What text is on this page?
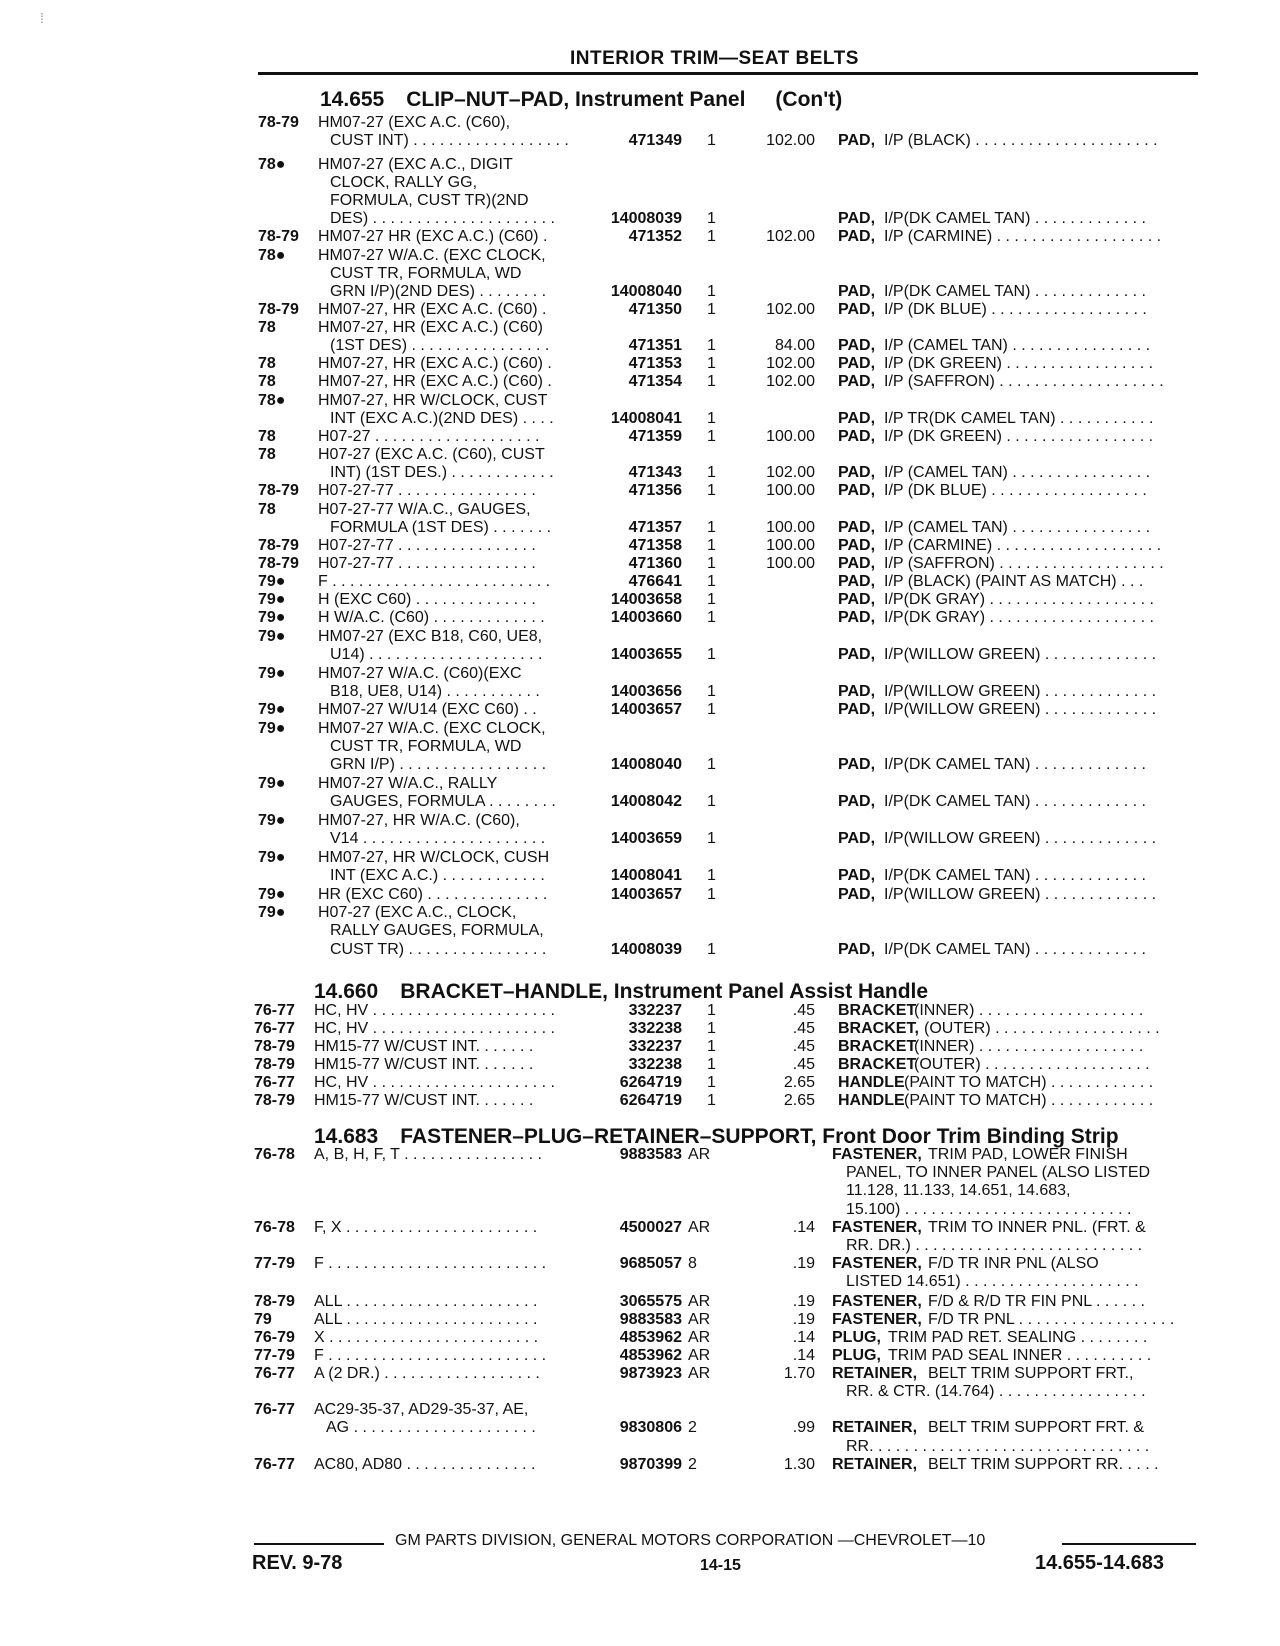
INTERIOR TRIM—SEAT BELTS
14.655 CLIP–NUT–PAD, Instrument Panel (Con't)
14.660 BRACKET–HANDLE, Instrument Panel Assist Handle
14.683 FASTENER–PLUG–RETAINER–SUPPORT, Front Door Trim Binding Strip
78-79	HM07-27 (EXC A.C. (C60),
CUST INT) . . . . . . . . . . . . . . . . . .	471349 1	102.00 PAD, I/P (BLACK) . . . . . . . . . . . . . . . . . . . . .
78●	HM07-27 (EXC A.C., DIGIT
CLOCK, RALLY GG,
FORMULA, CUST TR)(2ND
DES) . . . . . . . . . . . . . . . . . . . . .	14008039 1	PAD, I/P(DK CAMEL TAN) . . . . . . . . . . . . .
78-79	HM07-27 HR (EXC A.C.) (C60) .	471352 1	102.00 PAD, I/P (CARMINE) . . . . . . . . . . . . . . . . . . .
78●	HM07-27 W/A.C. (EXC CLOCK,
CUST TR, FORMULA, WD
GRN I/P)(2ND DES) . . . . . . . .	14008040 1	PAD, I/P(DK CAMEL TAN) . . . . . . . . . . . . .
78-79	HM07-27, HR (EXC A.C. (C60) .	471350 1	102.00 PAD, I/P (DK BLUE) . . . . . . . . . . . . . . . . . .
78	HM07-27, HR (EXC A.C.) (C60)
(1ST DES) . . . . . . . . . . . . . . . .	471351 1	84.00 PAD, I/P (CAMEL TAN) . . . . . . . . . . . . . . . .
78	HM07-27, HR (EXC A.C.) (C60) .	471353 1	102.00 PAD, I/P (DK GREEN) . . . . . . . . . . . . . . . . .
78	HM07-27, HR (EXC A.C.) (C60) .	471354 1	102.00 PAD, I/P (SAFFRON) . . . . . . . . . . . . . . . . . . .
78●	HM07-27, HR W/CLOCK, CUST
INT (EXC A.C.)(2ND DES) . . . .	14008041 1	PAD, I/P TR(DK CAMEL TAN) . . . . . . . . . . .
78	H07-27 . . . . . . . . . . . . . . . . . . .	471359 1	100.00 PAD, I/P (DK GREEN) . . . . . . . . . . . . . . . . .
78	H07-27 (EXC A.C. (C60), CUST
INT) (1ST DES.) . . . . . . . . . . . .	471343 1	102.00 PAD, I/P (CAMEL TAN) . . . . . . . . . . . . . . . .
78-79	H07-27-77 . . . . . . . . . . . . . . . .	471356 1	100.00 PAD, I/P (DK BLUE) . . . . . . . . . . . . . . . . . .
78	H07-27-77 W/A.C., GAUGES,
FORMULA (1ST DES) . . . . . . .	471357 1	100.00 PAD, I/P (CAMEL TAN) . . . . . . . . . . . . . . . .
78-79	H07-27-77 . . . . . . . . . . . . . . . .	471358 1	100.00 PAD, I/P (CARMINE) . . . . . . . . . . . . . . . . . . .
78-79	H07-27-77 . . . . . . . . . . . . . . . .	471360 1	100.00 PAD, I/P (SAFFRON) . . . . . . . . . . . . . . . . . . .
79●	F . . . . . . . . . . . . . . . . . . . . . . . . .	476641 1	PAD, I/P (BLACK) (PAINT AS MATCH) . . .
79●	H (EXC C60) . . . . . . . . . . . . . .	14003658 1	PAD, I/P(DK GRAY) . . . . . . . . . . . . . . . . . . .
79●	H W/A.C. (C60) . . . . . . . . . . . . .	14003660 1	PAD, I/P(DK GRAY) . . . . . . . . . . . . . . . . . . .
79●	HM07-27 (EXC B18, C60, UE8,
U14) . . . . . . . . . . . . . . . . . . . .	14003655 1	PAD, I/P(WILLOW GREEN) . . . . . . . . . . . . .
79●	HM07-27 W/A.C. (C60)(EXC
B18, UE8, U14) . . . . . . . . . . .	14003656 1	PAD, I/P(WILLOW GREEN) . . . . . . . . . . . . .
79●	HM07-27 W/U14 (EXC C60) . .	14003657 1	PAD, I/P(WILLOW GREEN) . . . . . . . . . . . . .
79●	HM07-27 W/A.C. (EXC CLOCK,
CUST TR, FORMULA, WD
GRN I/P) . . . . . . . . . . . . . . . . .	14008040 1	PAD, I/P(DK CAMEL TAN) . . . . . . . . . . . . .
79●	HM07-27 W/A.C., RALLY
GAUGES, FORMULA . . . . . . . .	14008042 1	PAD, I/P(DK CAMEL TAN) . . . . . . . . . . . . .
79●	HM07-27, HR W/A.C. (C60),
V14 . . . . . . . . . . . . . . . . . . . . .	14003659 1	PAD, I/P(WILLOW GREEN) . . . . . . . . . . . . .
79●	HM07-27, HR W/CLOCK, CUSH
INT (EXC A.C.) . . . . . . . . . . . .	14008041 1	PAD, I/P(DK CAMEL TAN) . . . . . . . . . . . . .
79●	HR (EXC C60) . . . . . . . . . . . . . .	14003657 1	PAD, I/P(WILLOW GREEN) . . . . . . . . . . . . .
79●	H07-27 (EXC A.C., CLOCK,
RALLY GAUGES, FORMULA,
CUST TR) . . . . . . . . . . . . . . . .	14008039 1	PAD, I/P(DK CAMEL TAN) . . . . . . . . . . . . .
76-77	HC, HV . . . . . . . . . . . . . . . . . . . . .	332237 1	.45 BRACKET
(INNER) . . . . . . . . . . . . . . . . . . .
76-77	HC, HV . . . . . . . . . . . . . . . . . . . . .	332238 1	.45 BRACKET, (OUTER) . . . . . . . . . . . . . . . . . . .
78-79	HM15-77 W/CUST INT. . . . . . .	332237 1	.45 BRACKET
(INNER) . . . . . . . . . . . . . . . . . . .
78-79	HM15-77 W/CUST INT. . . . . . .	332238 1	.45 BRACKET
(OUTER) . . . . . . . . . . . . . . . . . . .
76-77	HC, HV . . . . . . . . . . . . . . . . . . . . .	6264719 1	2.65 HANDLE (PAINT TO MATCH) . . . . . . . . . . . .
78-79	HM15-77 W/CUST INT. . . . . . .	6264719 1	2.65 HANDLE (PAINT TO MATCH) . . . . . . . . . . . .
76-78	A, B, H, F, T . . . . . . . . . . . . . . . .	9883583 AR	FASTENER, TRIM PAD, LOWER FINISH
PANEL, TO INNER PANEL (ALSO LISTED
11.128, 11.133, 14.651, 14.683,
15.100) . . . . . . . . . . . . . . . . . . . . . . . . . .
76-78	F, X . . . . . . . . . . . . . . . . . . . . . .	4500027 AR	.14 FASTENER, TRIM TO INNER PNL. (FRT. &
RR. DR.) . . . . . . . . . . . . . . . . . . . . . . . . . .
77-79	F . . . . . . . . . . . . . . . . . . . . . . . . .	9685057 8	.19 FASTENER, F/D TR INR PNL (ALSO
LISTED 14.651) . . . . . . . . . . . . . . . . . . . .
78-79	ALL . . . . . . . . . . . . . . . . . . . . . .	3065575 AR	.19 FASTENER, F/D & R/D TR FIN PNL . . . . . .
79	ALL . . . . . . . . . . . . . . . . . . . . . .	9883583 AR	.19 FASTENER, F/D TR PNL . . . . . . . . . . . . . . . . . .
76-79	X . . . . . . . . . . . . . . . . . . . . . . . .	4853962 AR	.14 PLUG, TRIM PAD RET. SEALING . . . . . . . .
77-79	F . . . . . . . . . . . . . . . . . . . . . . . . .	4853962 AR	.14 PLUG, TRIM PAD SEAL INNER . . . . . . . . . .
76-77	A (2 DR.) . . . . . . . . . . . . . . . . . .	9873923 AR	1.70 RETAINER, BELT TRIM SUPPORT FRT.,
RR. & CTR. (14.764) . . . . . . . . . . . . . . . . .
76-77	AC29-35-37, AD29-35-37, AE,
AG . . . . . . . . . . . . . . . . . . . . .	9830806 2	.99 RETAINER, BELT TRIM SUPPORT FRT. &
RR. . . . . . . . . . . . . . . . . . . . . . . . . . . . . . . .
76-77	AC80, AD80 . . . . . . . . . . . . . . .	9870399 2	1.30 RETAINER, BELT TRIM SUPPORT RR. . . . .
GM PARTS DIVISION, GENERAL MOTORS CORPORATION —CHEVROLET—10
REV. 9-78	14-15	14.655-14.683
⁞
